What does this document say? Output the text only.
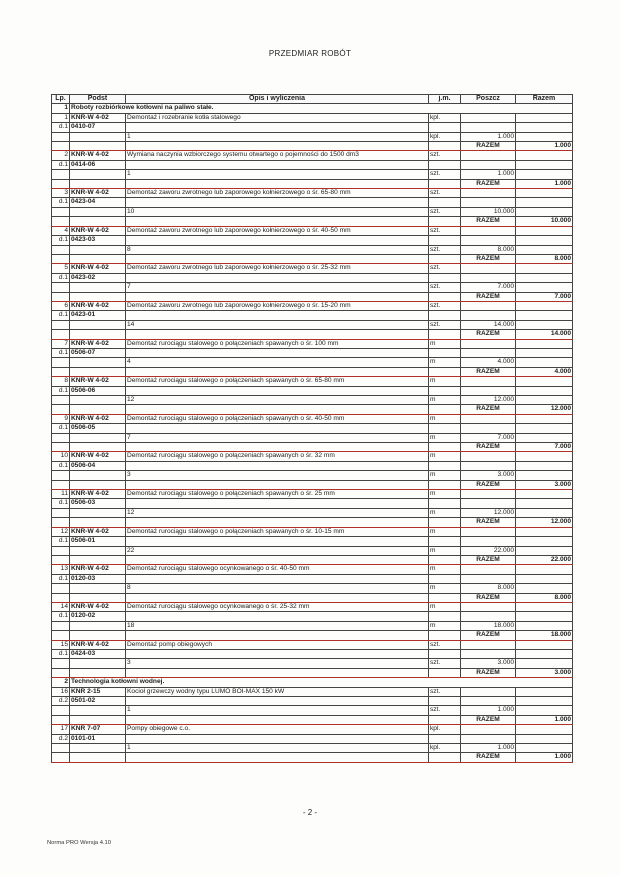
PRZEDMIAR ROBÓT
Lp.	Podst	Opis i wyliczenia	j.m.	Poszcz	Razem
1	Roboty rozbiórkowe kotłowni na paliwo stałe.				
1	KNR-W 4-02	Demontaż i rozebranie kotła stalowego	kpl.		
d.1	0410-07				
		1	kpl.	1.000	
				RAZEM	1.000
2	KNR-W 4-02	Wymiana naczynia wzbiorczego systemu otwartego o pojemności do 1500 dm3	szt.		
d.1	0414-06				
		1	szt.	1.000	
				RAZEM	1.000
3	KNR-W 4-02	Demontaż zaworu zwrotnego lub zaporowego kołnierzowego o śr. 65-80 mm	szt.		
d.1	0423-04				
		10	szt.	10.000	
				RAZEM	10.000
4	KNR-W 4-02	Demontaż zaworu zwrotnego lub zaporowego kołnierzowego o śr. 40-50 mm	szt.		
d.1	0423-03				
		8	szt.	8.000	
				RAZEM	8.000
5	KNR-W 4-02	Demontaż zaworu zwrotnego lub zaporowego kołnierzowego o śr. 25-32 mm	szt.		
d.1	0423-02				
		7	szt.	7.000	
				RAZEM	7.000
6	KNR-W 4-02	Demontaż zaworu zwrotnego lub zaporowego kołnierzowego o śr. 15-20 mm	szt.		
d.1	0423-01				
		14	szt.	14.000	
				RAZEM	14.000
7	KNR-W 4-02	Demontaż rurociągu stalowego o połączeniach spawanych o śr. 100 mm	m		
d.1	0506-07				
		4	m	4.000	
				RAZEM	4.000
8	KNR-W 4-02	Demontaż rurociągu stalowego o połączeniach spawanych o śr. 65-80 mm	m		
d.1	0506-06				
		12	m	12.000	
				RAZEM	12.000
9	KNR-W 4-02	Demontaż rurociągu stalowego o połączeniach spawanych o śr. 40-50 mm	m		
d.1	0506-05				
		7	m	7.000	
				RAZEM	7.000
10	KNR-W 4-02	Demontaż rurociągu stalowego o połączeniach spawanych o śr. 32 mm	m		
d.1	0506-04				
		3	m	3.000	
				RAZEM	3.000
11	KNR-W 4-02	Demontaż rurociągu stalowego o połączeniach spawanych o śr. 25 mm	m		
d.1	0506-03				
		12	m	12.000	
				RAZEM	12.000
12	KNR-W 4-02	Demontaż rurociągu stalowego o połączeniach spawanych o śr. 10-15 mm	m		
d.1	0506-01				
		22	m	22.000	
				RAZEM	22.000
13	KNR-W 4-02	Demontaż rurociągu stalowego ocynkowanego o śr. 40-50 mm	m		
d.1	0120-03				
		8	m	8.000	
				RAZEM	8.000
14	KNR-W 4-02	Demontaż rurociągu stalowego ocynkowanego o śr. 25-32 mm	m		
d.1	0120-02				
		18	m	18.000	
				RAZEM	18.000
15	KNR-W 4-02	Demontaż pomp obiegowych	szt.		
d.1	0424-03				
		3	szt.	3.000	
				RAZEM	3.000
2	Technologia kotłowni wodnej.				
16	KNR 2-15	Kocioł grzewczy wodny typu LUMO BOI-MAX 150 kW	szt.		
d.2	0501-02				
		1	szt.	1.000	
				RAZEM	1.000
17	KNR 7-07	Pompy obiegowe c.o.	kpl.		
d.2	0101-01				
		1	kpl.	1.000	
				RAZEM	1.000
- 2 -
Norma PRO Wersja 4.10
